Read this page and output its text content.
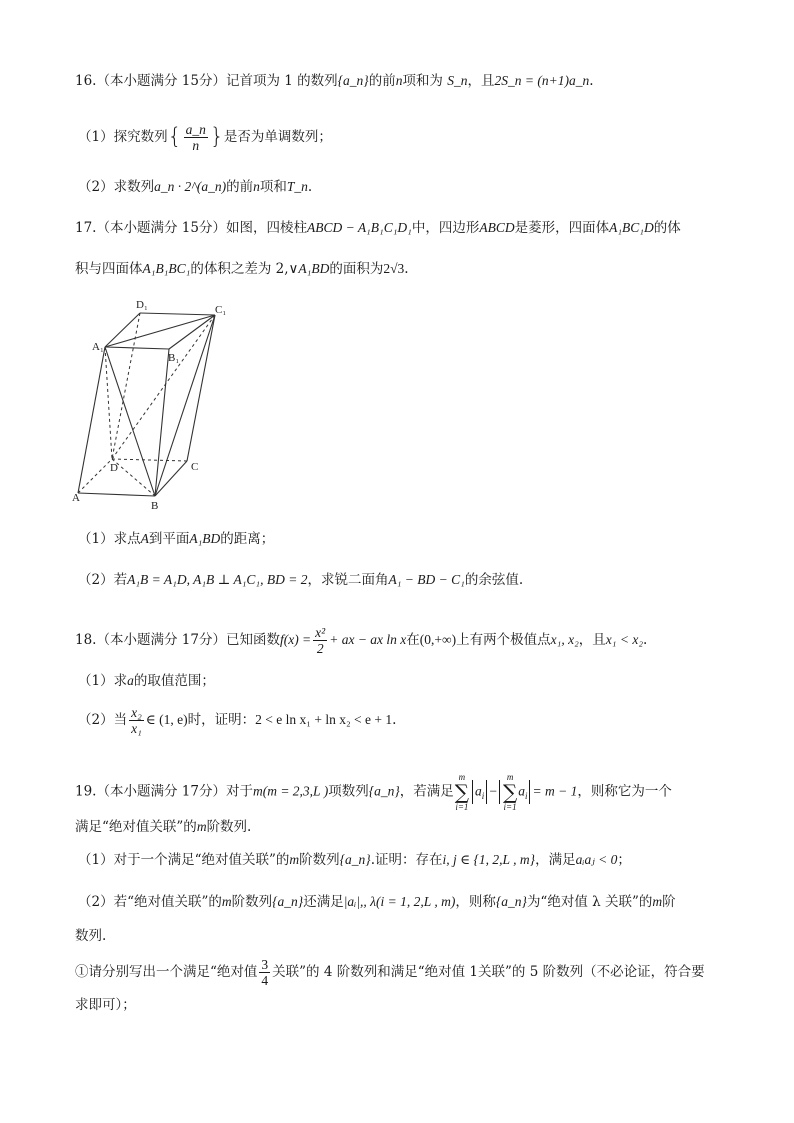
16.（本小题满分 15分）记首项为 1 的数列{a_n}的前n项和为 S_n，且2S_n = (n+1)a_n.
（1）探究数列{ $\frac{a\_n}{n}$ }是否为单调数列；
（2）求数列a_n · 2^(a_n)的前n项和T_n.
17.（本小题满分 15分）如图，四棱柱ABCD − A₁B₁C₁D₁中，四边形ABCD是菱形，四面体A₁BC₁D的体
积与四面体A₁B₁BC₁的体积之差为 2,∨A₁BD的面积为2√3.
A
B
C
D
A₁
B₁
C₁
D₁
（1）求点A到平面A₁BD的距离；
（2）若A₁B = A₁D, A₁B ⊥ A₁C₁, BD = 2，求锐二面角A₁ − BD − C₁的余弦值.
18.（本小题满分 17分）已知函数$f(x) = \frac{\text{x²}}{2}$ + ax − ax ln x在(0,+∞)上有两个极值点x₁, x₂，且x₁ < x₂.
（1）求a的取值范围；
（2）当 $\frac{\text{x₂}}{\text{x₁}}$ ∈ (1, e)时，证明：2 < e ln x₁ + ln x₂ < e + 1.
19.（本小题满分 17分）对于m(m = 2,3,L )项数列{a_n}，若满足
m
∑
i=1
$a_i$ −
m
∑
i=1
$a_i = m - 1$，则称它为一个
满足“绝对值关联”的m阶数列.
（1）对于一个满足“绝对值关联”的m阶数列{a_n}.证明：存在i, j ∈ {1, 2,L , m}，满足aᵢaⱼ < 0；
（2）若“绝对值关联”的m阶数列{a_n}还满足|aᵢ|,, λ(i = 1, 2,L , m)，则称{a_n}为“绝对值 λ 关联”的m阶
数列.
①请分别写出一个满足“绝对值 $\frac{3}{4}$ 关联”的 4 阶数列和满足“绝对值 1关联”的 5 阶数列（不必论证，符合要
求即可）；
